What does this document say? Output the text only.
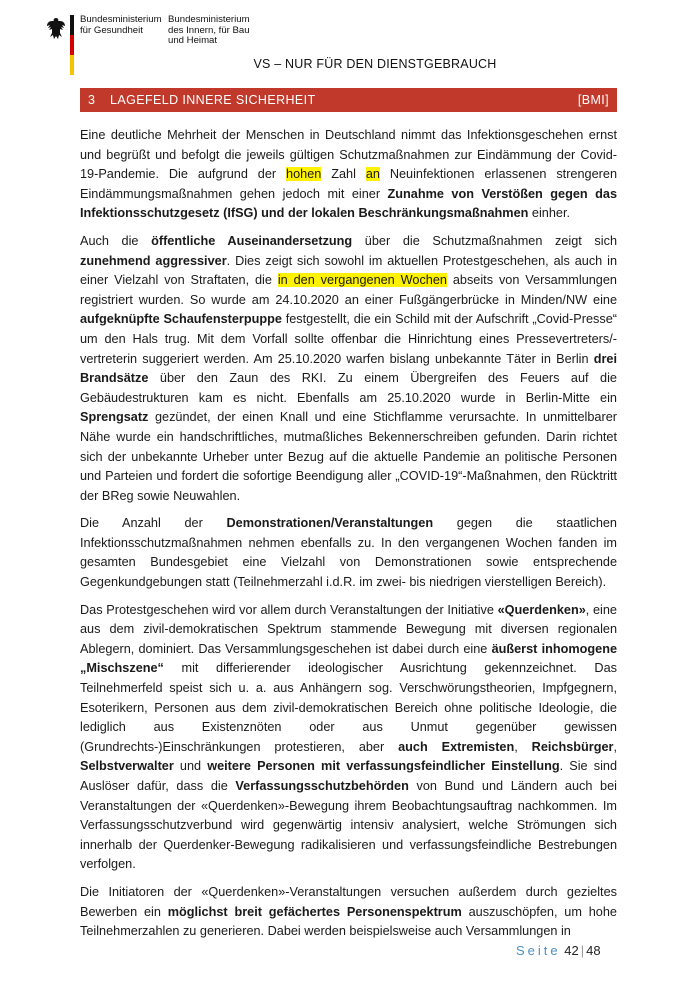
Bundesministerium
für Gesundheit
Bundesministerium
des Innern, für Bau
und Heimat
VS – NUR FÜR DEN DIENSTGEBRAUCH
3	LAGEFELD INNERE SICHERHEIT	[BMI]

Eine deutliche Mehrheit der Menschen in Deutschland nimmt das Infektionsgeschehen ernst und begrüßt und befolgt die jeweils gültigen Schutzmaßnahmen zur Eindämmung der Covid-19-Pandemie. Die aufgrund der hohen Zahl an Neuinfektionen erlassenen strengeren Eindämmungsmaßnahmen gehen jedoch mit einer Zunahme von Verstößen gegen das Infektionsschutzgesetz (IfSG) und der lokalen Beschränkungsmaßnahmen einher.

Auch die öffentliche Auseinandersetzung über die Schutzmaßnahmen zeigt sich zunehmend aggressiver. Dies zeigt sich sowohl im aktuellen Protestgeschehen, als auch in einer Vielzahl von Straftaten, die in den vergangenen Wochen abseits von Versammlungen registriert wurden. So wurde am 24.10.2020 an einer Fußgängerbrücke in Minden/NW eine aufgeknüpfte Schaufensterpuppe festgestellt, die ein Schild mit der Aufschrift „Covid-Presse“ um den Hals trug. Mit dem Vorfall sollte offenbar die Hinrichtung eines Pressevertreters/-vertreterin suggeriert werden. Am 25.10.2020 warfen bislang unbekannte Täter in Berlin drei Brandsätze über den Zaun des RKI. Zu einem Übergreifen des Feuers auf die Gebäudestrukturen kam es nicht. Ebenfalls am 25.10.2020 wurde in Berlin-Mitte ein Sprengsatz gezündet, der einen Knall und eine Stichflamme verursachte. In unmittelbarer Nähe wurde ein handschriftliches, mutmaßliches Bekennerschreiben gefunden. Darin richtet sich der unbekannte Urheber unter Bezug auf die aktuelle Pandemie an politische Personen und Parteien und fordert die sofortige Beendigung aller „COVID-19“-Maßnahmen, den Rücktritt der BReg sowie Neuwahlen.

Die Anzahl der Demonstrationen/Veranstaltungen gegen die staatlichen Infektionsschutzmaßnahmen nehmen ebenfalls zu. In den vergangenen Wochen fanden im gesamten Bundesgebiet eine Vielzahl von Demonstrationen sowie entsprechende Gegenkundgebungen statt (Teilnehmerzahl i.d.R. im zwei- bis niedrigen vierstelligen Bereich).

Das Protestgeschehen wird vor allem durch Veranstaltungen der Initiative «Querdenken», eine aus dem zivil-demokratischen Spektrum stammende Bewegung mit diversen regionalen Ablegern, dominiert. Das Versammlungsgeschehen ist dabei durch eine äußerst inhomogene „Mischszene“ mit differierender ideologischer Ausrichtung gekennzeichnet. Das Teilnehmerfeld speist sich u. a. aus Anhängern sog. Verschwörungstheorien, Impfgegnern, Esoterikern, Personen aus dem zivil-demokratischen Bereich ohne politische Ideologie, die lediglich aus Existenznöten oder aus Unmut gegenüber gewissen (Grundrechts-)Einschränkungen protestieren, aber auch Extremisten, Reichsbürger, Selbstverwalter und weitere Personen mit verfassungsfeindlicher Einstellung. Sie sind Auslöser dafür, dass die Verfassungsschutzbehörden von Bund und Ländern auch bei Veranstaltungen der «Querdenken»-Bewegung ihrem Beobachtungsauftrag nachkommen. Im Verfassungsschutzverbund wird gegenwärtig intensiv analysiert, welche Strömungen sich innerhalb der Querdenker-Bewegung radikalisieren und verfassungsfeindliche Bestrebungen verfolgen.

Die Initiatoren der «Querdenken»-Veranstaltungen versuchen außerdem durch gezieltes Bewerben ein möglichst breit gefächertes Personenspektrum auszuschöpfen, um hohe Teilnehmerzahlen zu generieren. Dabei werden beispielsweise auch Versammlungen in

Seite 42 | 48
